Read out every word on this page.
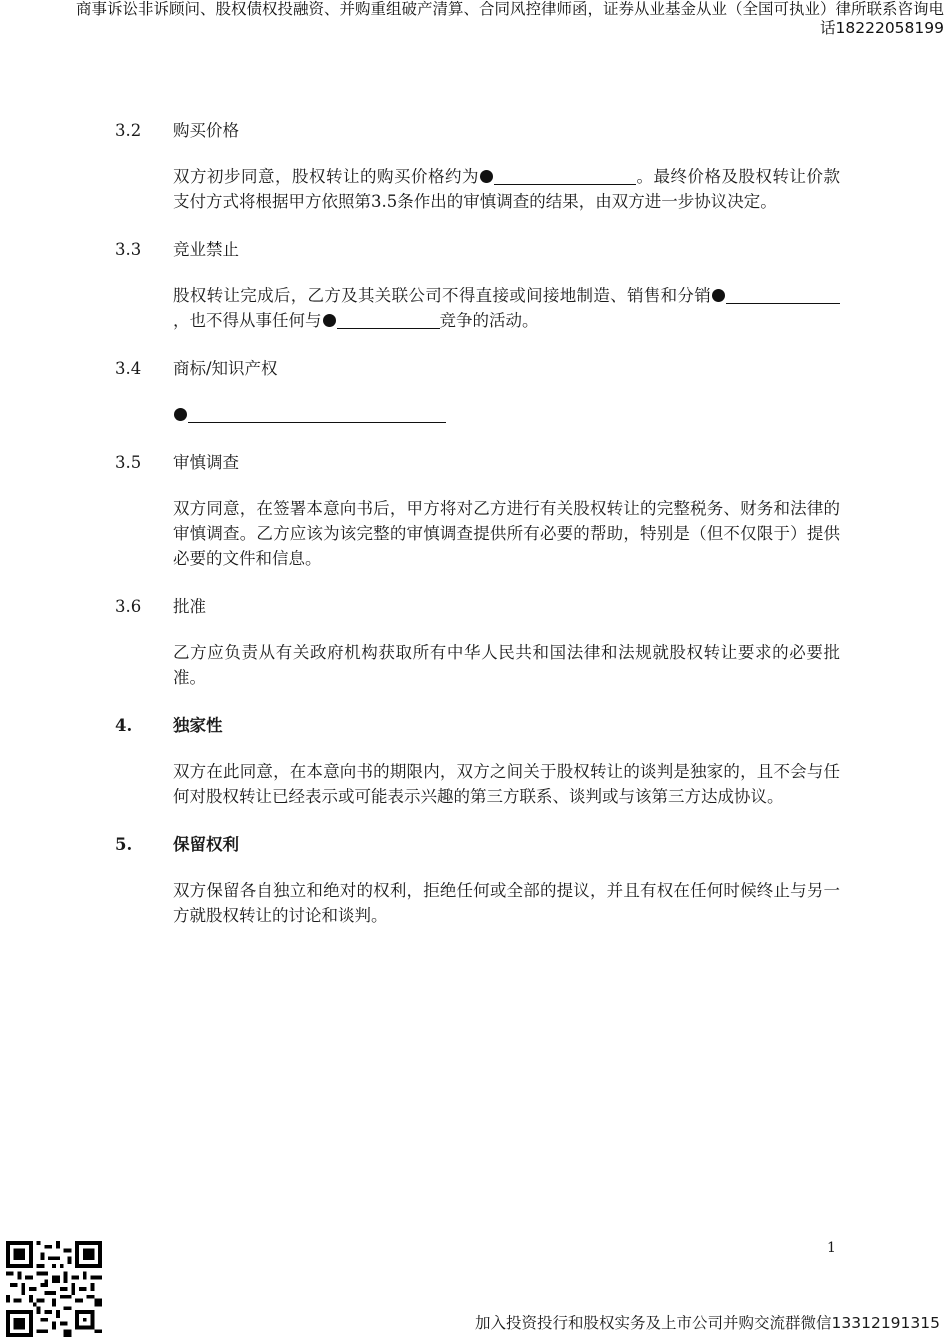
商事诉讼非诉顾问、股权债权投融资、并购重组破产清算、合同风控律师函，证券从业基金从业（全国可执业）律所联系咨询电
话18222058199
3.2	购买价格
双方初步同意，股权转让的购买价格约为	。最终价格及股权转让价款支付方式将根据甲方依照第3.5条作出的审慎调查的结果，由双方进一步协议决定。
3.3	竞业禁止
股权转让完成后，乙方及其关联公司不得直接或间接地制造、销售和分销，也不得从事任何与	竞争的活动。
3.4	商标/知识产权
3.5	审慎调查
双方同意，在签署本意向书后，甲方将对乙方进行有关股权转让的完整税务、财务和法律的审慎调查。乙方应该为该完整的审慎调查提供所有必要的帮助，特别是（但不仅限于）提供必要的文件和信息。
3.6	批准
乙方应负责从有关政府机构获取所有中华人民共和国法律和法规就股权转让要求的必要批准。
4.	独家性
双方在此同意，在本意向书的期限内，双方之间关于股权转让的谈判是独家的，且不会与任何对股权转让已经表示或可能表示兴趣的第三方联系、谈判或与该第三方达成协议。
5.	保留权利
双方保留各自独立和绝对的权利，拒绝任何或全部的提议，并且有权在任何时候终止与另一方就股权转让的讨论和谈判。
1
加入投资投行和股权实务及上市公司并购交流群微信13312191315
